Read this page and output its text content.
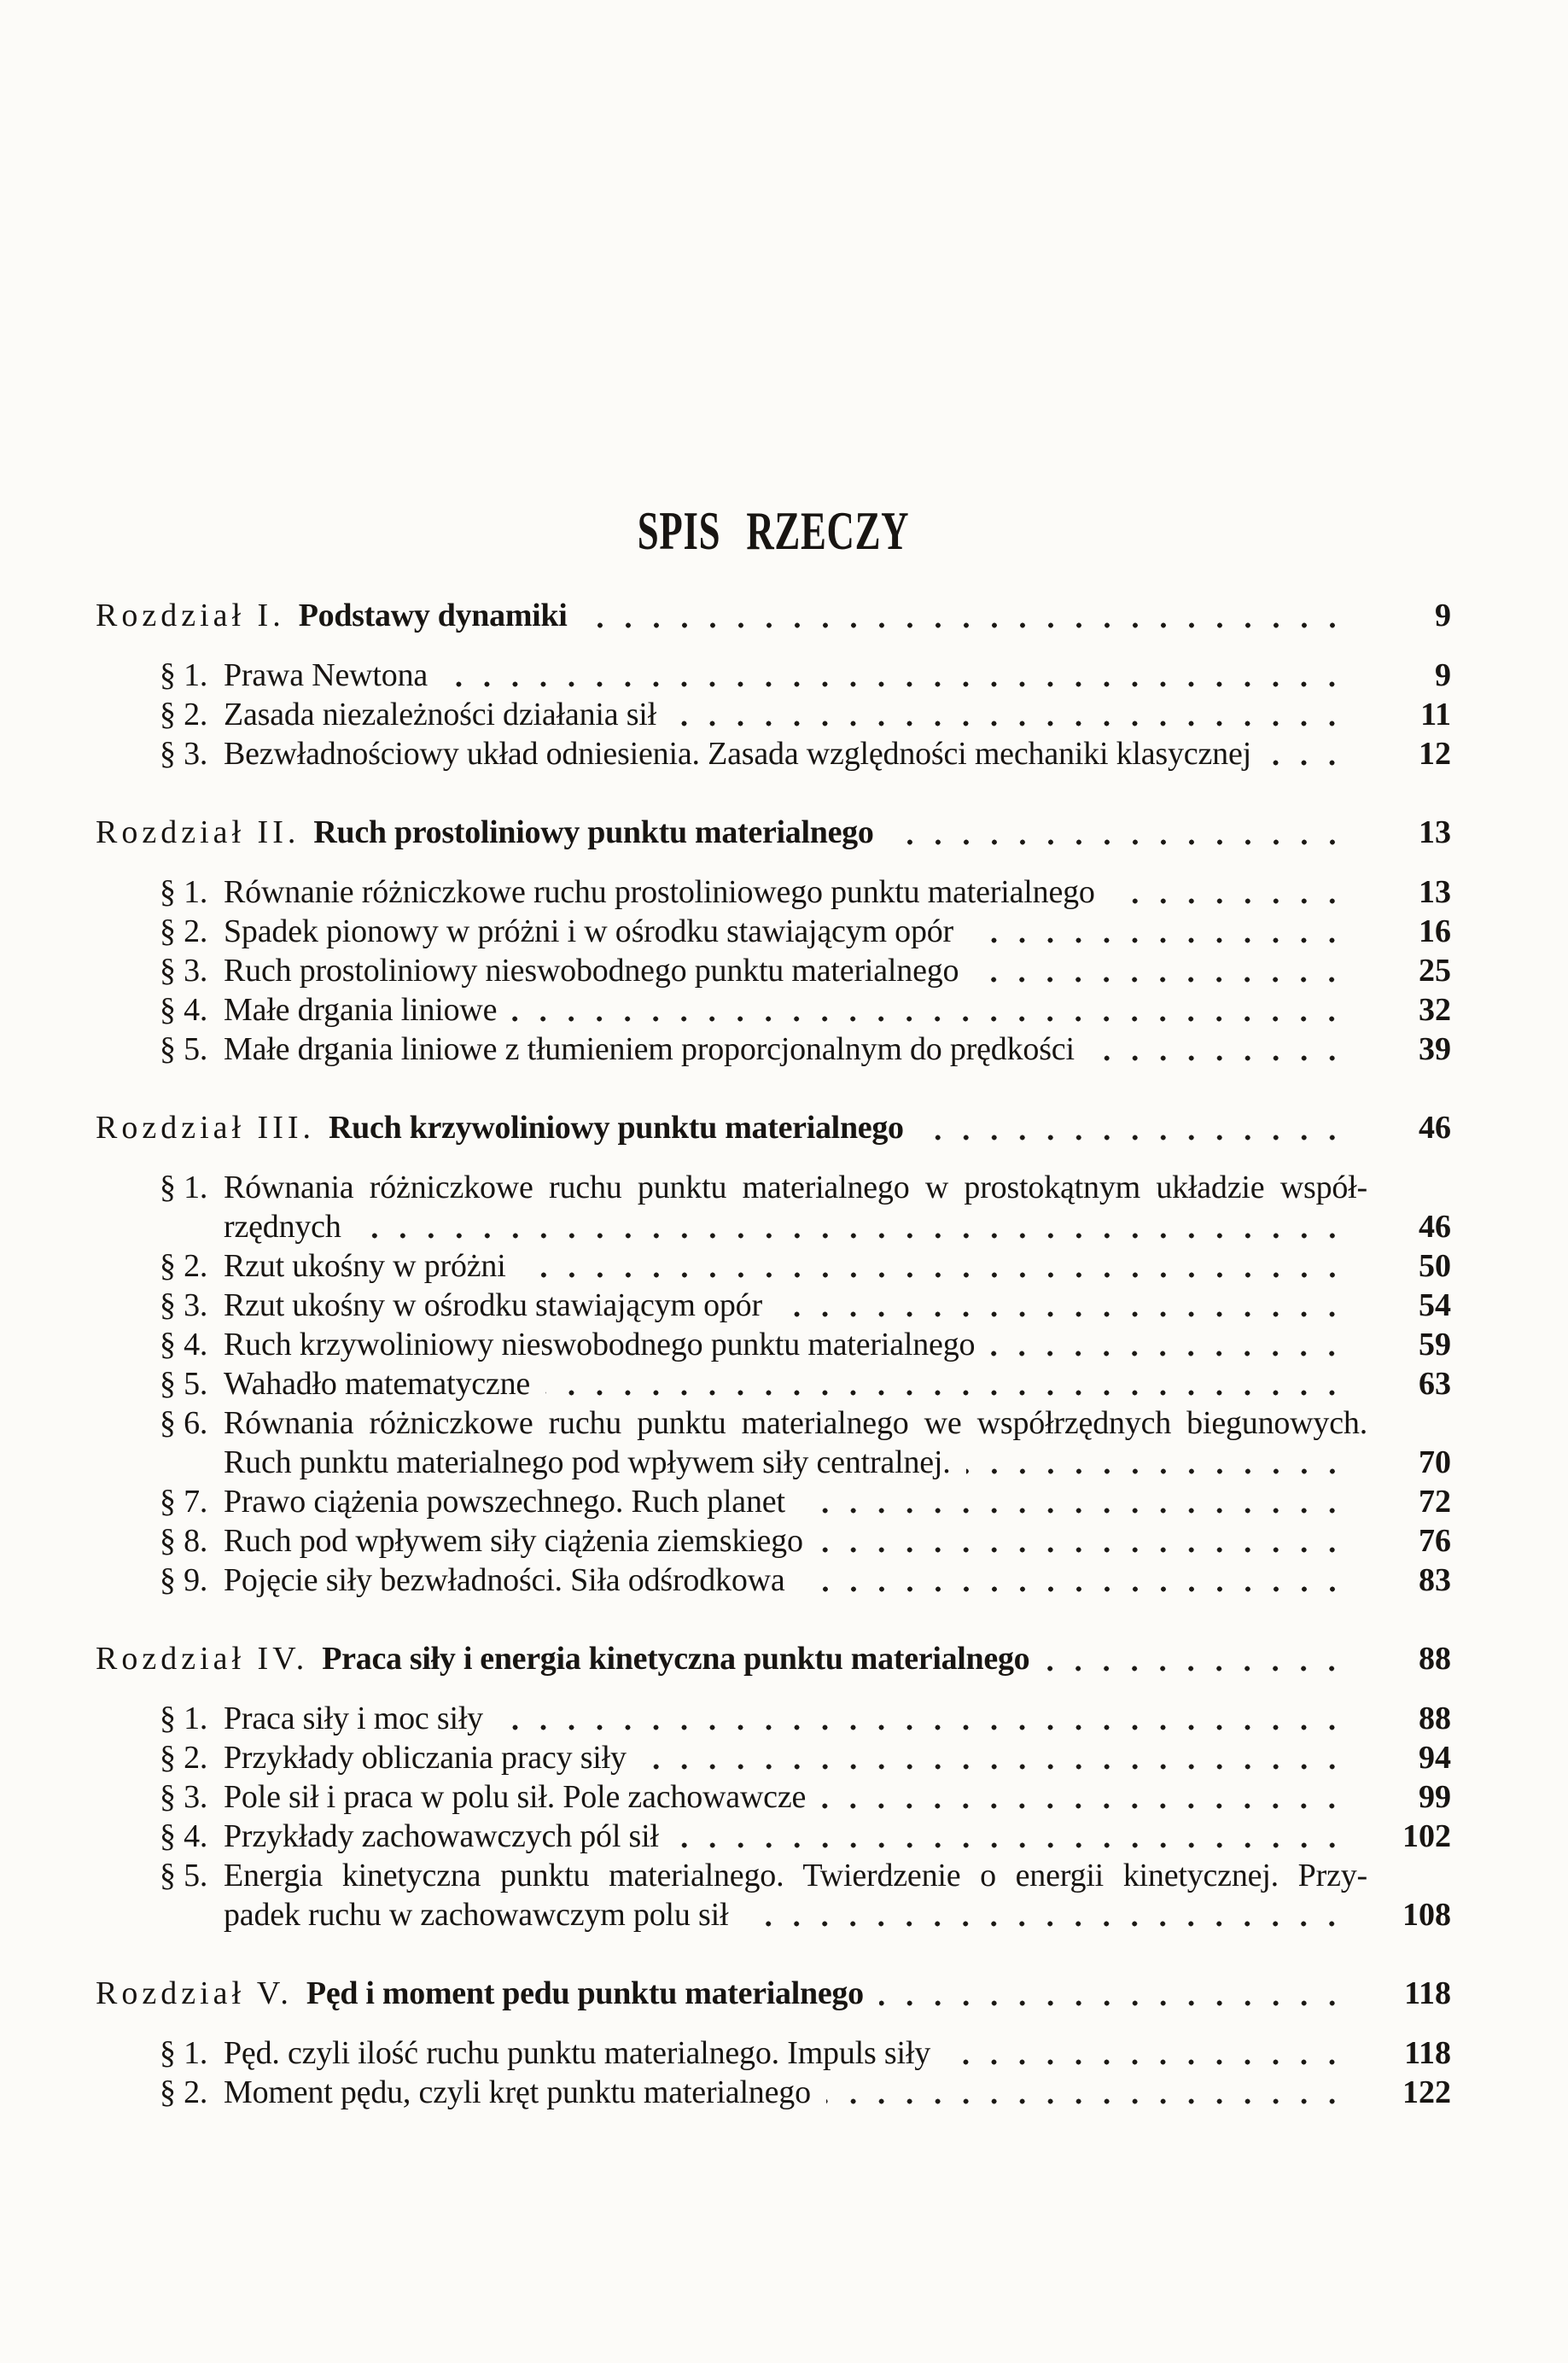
SPIS RZECZY
Rozdział I. Podstawy dynamiki	9
§ 1. Prawa Newtona	9
§ 2. Zasada niezależności działania sił	11
§ 3. Bezwładnościowy układ odniesienia. Zasada względności mechaniki klasycznej	12
Rozdział II. Ruch prostoliniowy punktu materialnego	13
§ 1. Równanie różniczkowe ruchu prostoliniowego punktu materialnego	13
§ 2. Spadek pionowy w próżni i w ośrodku stawiającym opór	16
§ 3. Ruch prostoliniowy nieswobodnego punktu materialnego	25
§ 4. Małe drgania liniowe	32
§ 5. Małe drgania liniowe z tłumieniem proporcjonalnym do prędkości	39
Rozdział III. Ruch krzywoliniowy punktu materialnego	46
§ 1. Równania różniczkowe ruchu punktu materialnego w prostokątnym układzie współ-
rzędnych	46
§ 2. Rzut ukośny w próżni	50
§ 3. Rzut ukośny w ośrodku stawiającym opór	54
§ 4. Ruch krzywoliniowy nieswobodnego punktu materialnego	59
§ 5. Wahadło matematyczne	63
§ 6. Równania różniczkowe ruchu punktu materialnego we współrzędnych biegunowych.
Ruch punktu materialnego pod wpływem siły centralnej.	70
§ 7. Prawo ciążenia powszechnego. Ruch planet	72
§ 8. Ruch pod wpływem siły ciążenia ziemskiego	76
§ 9. Pojęcie siły bezwładności. Siła odśrodkowa	83
Rozdział IV. Praca siły i energia kinetyczna punktu materialnego	88
§ 1. Praca siły i moc siły	88
§ 2. Przykłady obliczania pracy siły	94
§ 3. Pole sił i praca w polu sił. Pole zachowawcze	99
§ 4. Przykłady zachowawczych pól sił	102
§ 5. Energia kinetyczna punktu materialnego. Twierdzenie o energii kinetycznej. Przy-
padek ruchu w zachowawczym polu sił	108
Rozdział V. Pęd i moment pedu punktu materialnego	118
§ 1. Pęd. czyli ilość ruchu punktu materialnego. Impuls siły	118
§ 2. Moment pędu, czyli kręt punktu materialnego	122
